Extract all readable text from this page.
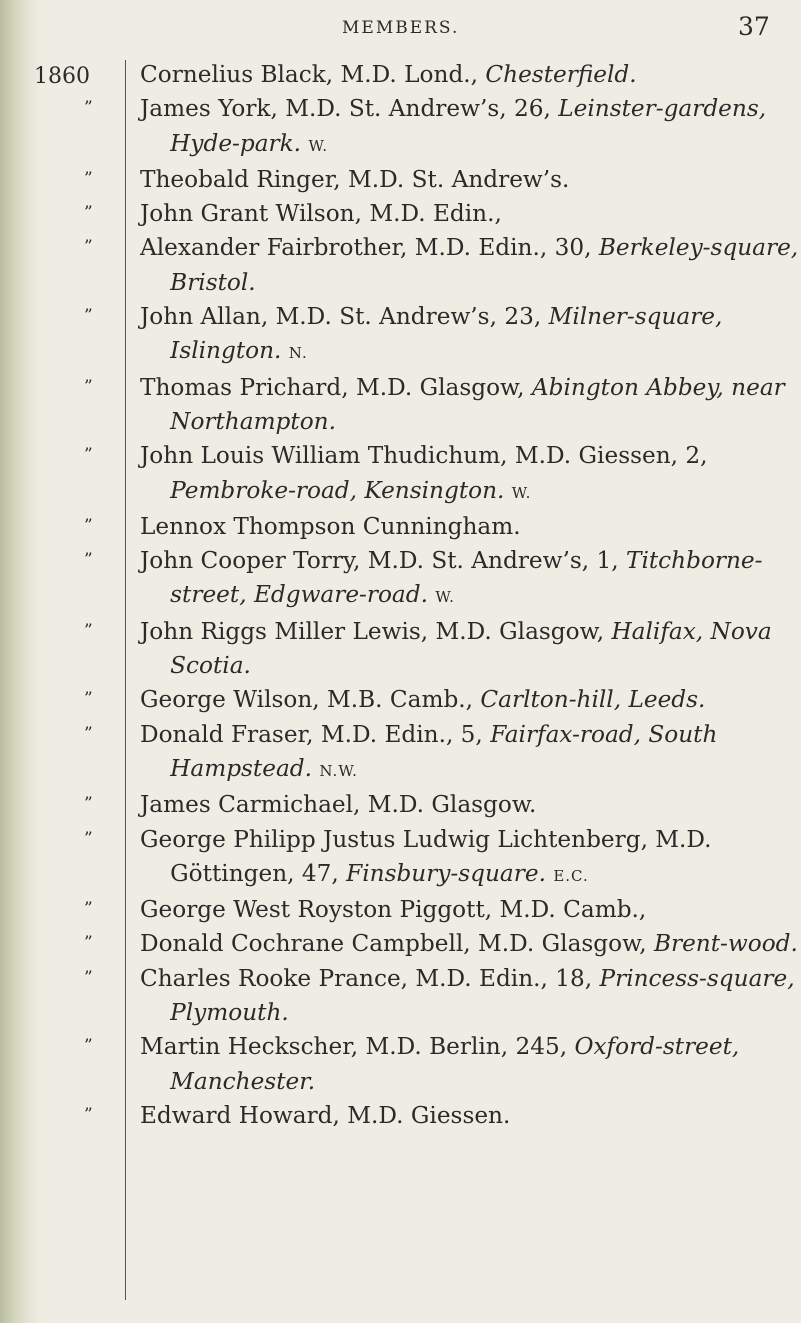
MEMBERS.	37
1860 Cornelius Black, M.D. Lond., Chesterfield.
” James York, M.D. St. Andrew’s, 26, Leinster-gardens, Hyde-park. W.
” Theobald Ringer, M.D. St. Andrew’s.
” John Grant Wilson, M.D. Edin.,
” Alexander Fairbrother, M.D. Edin., 30, Berkeley-square, Bristol.
” John Allan, M.D. St. Andrew’s, 23, Milner-square, Islington. N.
” Thomas Prichard, M.D. Glasgow, Abington Abbey, near Northampton.
” John Louis William Thudichum, M.D. Giessen, 2, Pembroke-road, Kensington. W.
” Lennox Thompson Cunningham.
” John Cooper Torry, M.D. St. Andrew’s, 1, Titchborne-street, Edgware-road. W.
” John Riggs Miller Lewis, M.D. Glasgow, Halifax, Nova Scotia.
” George Wilson, M.B. Camb., Carlton-hill, Leeds.
” Donald Fraser, M.D. Edin., 5, Fairfax-road, South Hampstead. N.W.
” James Carmichael, M.D. Glasgow.
” George Philipp Justus Ludwig Lichtenberg, M.D. Göttingen, 47, Finsbury-square. E.C.
” George West Royston Piggott, M.D. Camb.,
” Donald Cochrane Campbell, M.D. Glasgow, Brent-wood.
” Charles Rooke Prance, M.D. Edin., 18, Princess-square, Plymouth.
” Martin Heckscher, M.D. Berlin, 245, Oxford-street, Manchester.
” Edward Howard, M.D. Giessen.
